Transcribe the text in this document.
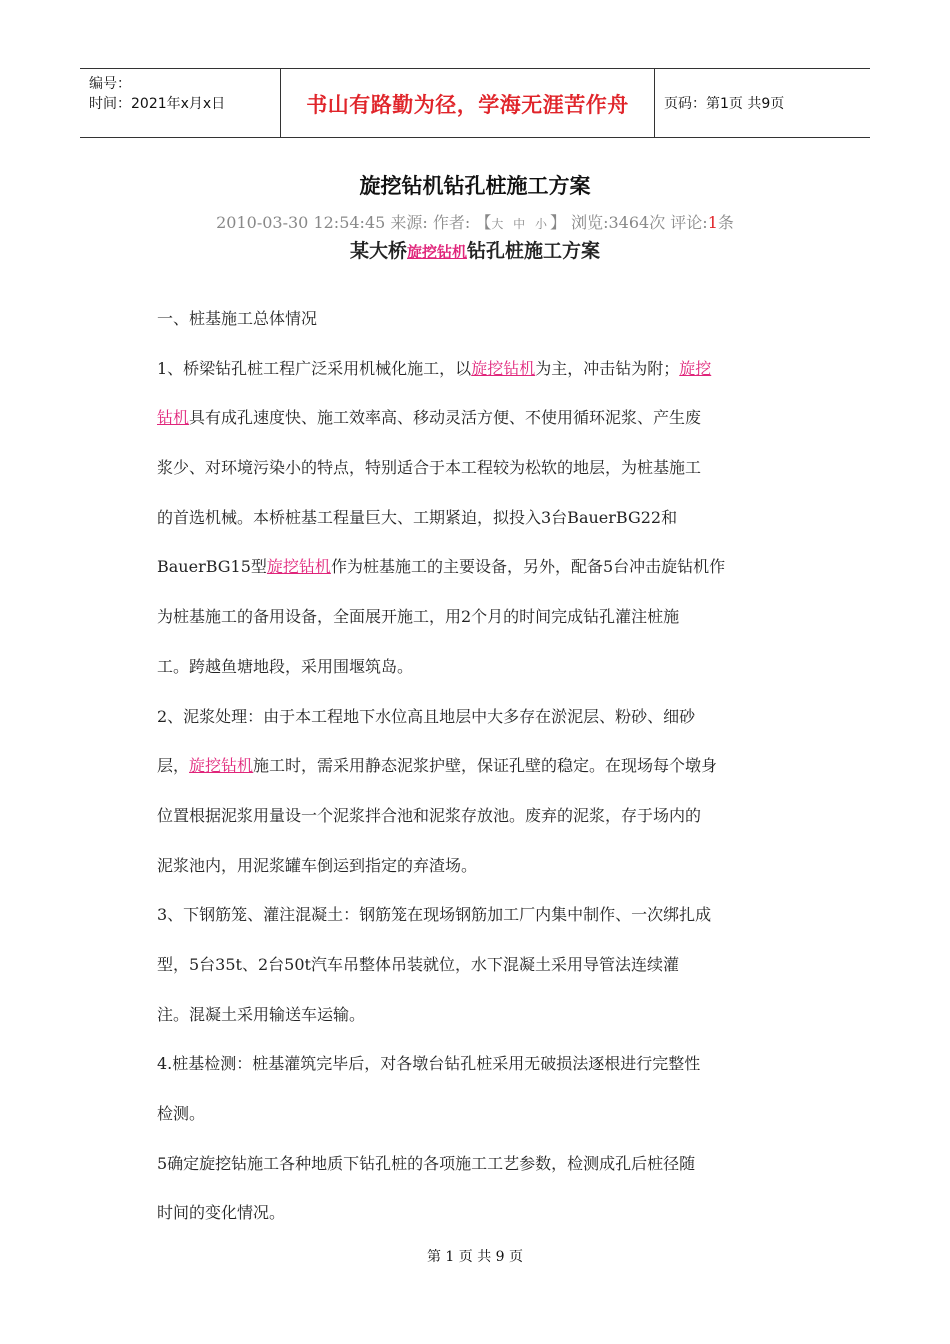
编号：
时间：2021年x月x日	书山有路勤为径，学海无涯苦作舟	页码：第1页 共9页
旋挖钻机钻孔桩施工方案
2010-03-30 12:54:45 来源: 作者: 【大 中 小】 浏览:3464次 评论:1条
某大桥旋挖钻机钻孔桩施工方案

一、桩基施工总体情况

1、桥梁钻孔桩工程广泛采用机械化施工，以旋挖钻机为主，冲击钻为附；旋挖

钻机具有成孔速度快、施工效率高、移动灵活方便、不使用循环泥浆、产生废

浆少、对环境污染小的特点，特别适合于本工程较为松软的地层，为桩基施工

的首选机械。本桥桩基工程量巨大、工期紧迫，拟投入3台BauerBG22和

BauerBG15型旋挖钻机作为桩基施工的主要设备，另外，配备5台冲击旋钻机作

为桩基施工的备用设备，全面展开施工，用2个月的时间完成钻孔灌注桩施

工。跨越鱼塘地段，采用围堰筑岛。

2、泥浆处理：由于本工程地下水位高且地层中大多存在淤泥层、粉砂、细砂

层，旋挖钻机施工时，需采用静态泥浆护壁，保证孔壁的稳定。在现场每个墩身

位置根据泥浆用量设一个泥浆拌合池和泥浆存放池。废弃的泥浆，存于场内的

泥浆池内，用泥浆罐车倒运到指定的弃渣场。

3、下钢筋笼、灌注混凝土：钢筋笼在现场钢筋加工厂内集中制作、一次绑扎成

型，5台35t、2台50t汽车吊整体吊装就位，水下混凝土采用导管法连续灌

注。混凝土采用输送车运输。

4.桩基检测：桩基灌筑完毕后，对各墩台钻孔桩采用无破损法逐根进行完整性

检测。

5确定旋挖钻施工各种地质下钻孔桩的各项施工工艺参数，检测成孔后桩径随

时间的变化情况。

第 1 页 共 9 页
